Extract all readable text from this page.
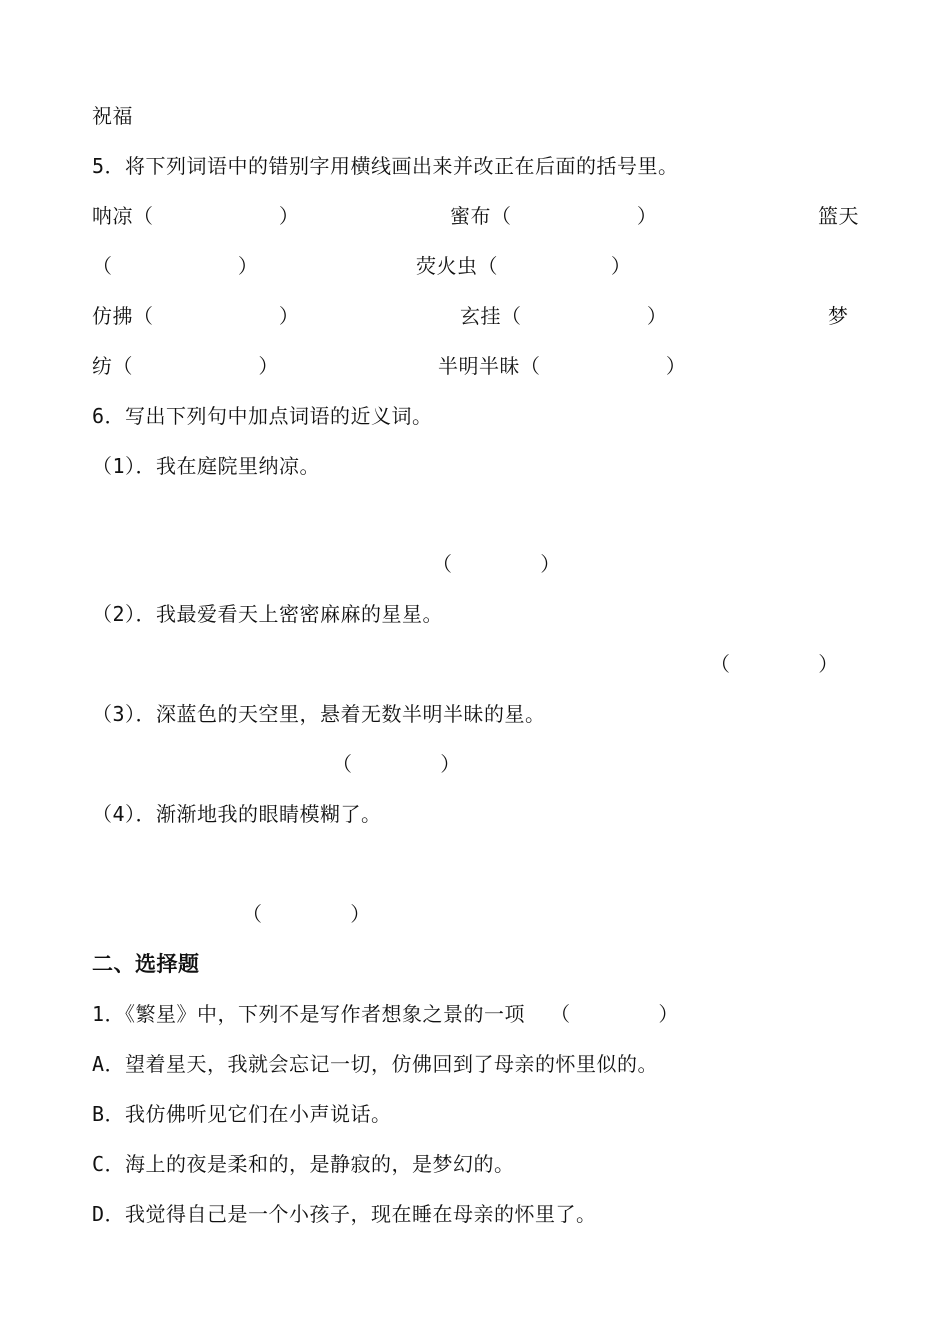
祝福
5．将下列词语中的错别字用横线画出来并改正在后面的括号里。
呐凉（          ）	蜜布（          ）	篮天
（          ）	荧火虫（         ）
仿拂（          ）	玄挂（          ）	梦
纺（          ）	半明半昧（          ）
6．写出下列句中加点词语的近义词。
（1）．我在庭院里纳凉。
（       ）
（2）．我最爱看天上密密麻麻的星星。
（       ）
（3）．深蓝色的天空里，悬着无数半明半昧的星。
（       ）
（4）．渐渐地我的眼睛模糊了。
（       ）
二、选择题
1．《繁星》中，下列不是写作者想象之景的一项  （       ）
A．望着星天，我就会忘记一切，仿佛回到了母亲的怀里似的。
B．我仿佛听见它们在小声说话。
C．海上的夜是柔和的，是静寂的，是梦幻的。
D．我觉得自己是一个小孩子，现在睡在母亲的怀里了。
